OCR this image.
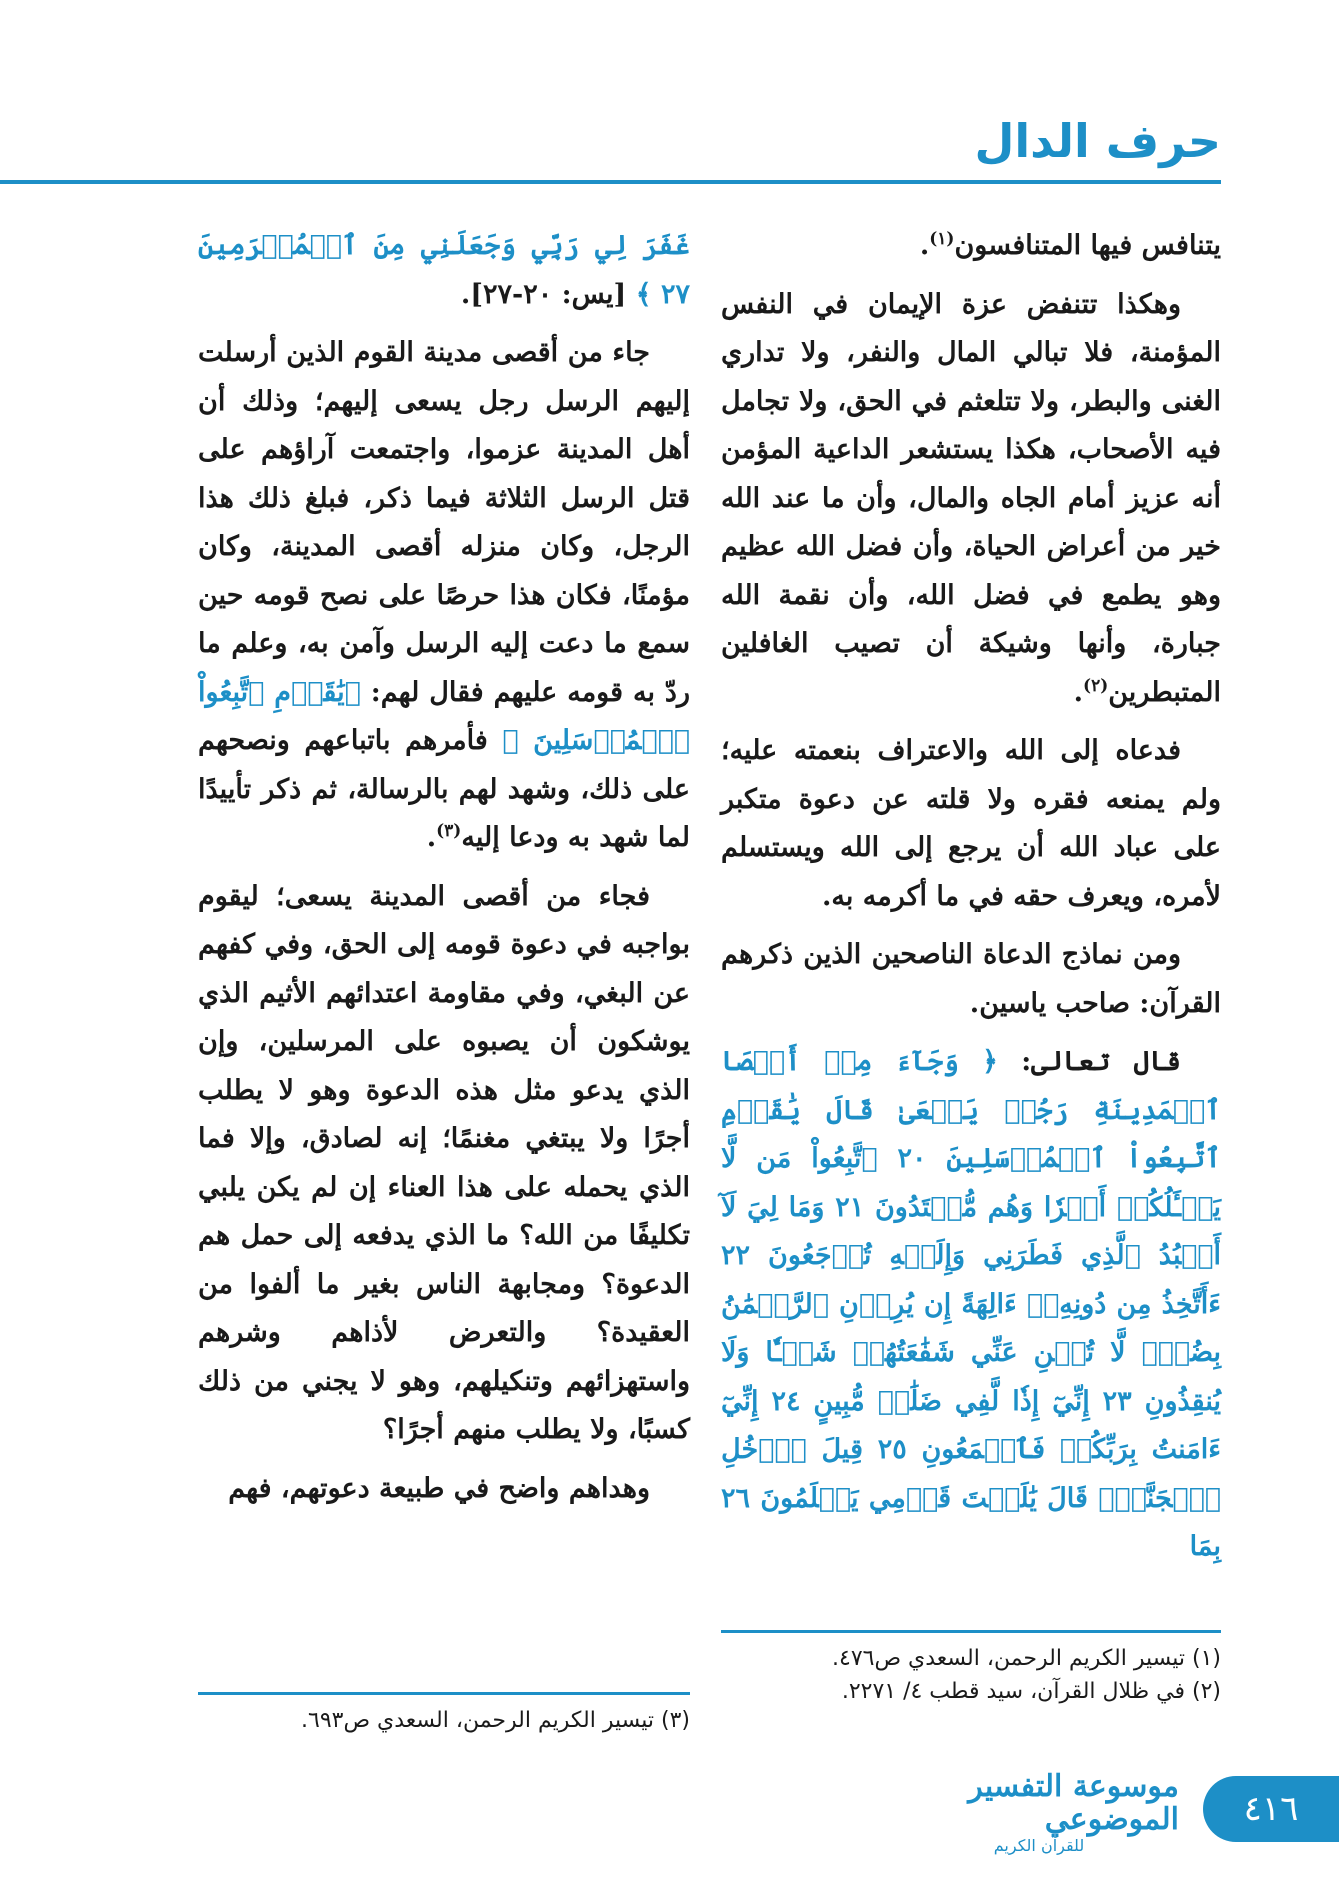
حرف الدال

يتنافس فيها المتنافسون$^{(١)}$.

وهكذا تتنفض عزة الإيمان في النفس المؤمنة، فلا تبالي المال والنفر، ولا تداري الغنى والبطر، ولا تتلعثم في الحق، ولا تجامل فيه الأصحاب، هكذا يستشعر الداعية المؤمن أنه عزيز أمام الجاه والمال، وأن ما عند الله خير من أعراض الحياة، وأن فضل الله عظيم وهو يطمع في فضل الله، وأن نقمة الله جبارة، وأنها وشيكة أن تصيب الغافلين المتبطرين$^{(٢)}$.

فدعاه إلى الله والاعتراف بنعمته عليه؛ ولم يمنعه فقره ولا قلته عن دعوة متكبر على عباد الله أن يرجع إلى الله ويستسلم لأمره، ويعرف حقه في ما أكرمه به.

ومن نماذج الدعاة الناصحين الذين ذكرهم القرآن: صاحب ياسين.

قال تعالى: ﴿ وَجَآءَ مِنۡ أَقۡصَا ٱلۡمَدِينَةِ رَجُلٞ يَسۡعَىٰ قَالَ يَٰقَوۡمِ ٱتَّبِعُواْ ٱلۡمُرۡسَلِينَ ٢٠ ٱتَّبِعُواْ مَن لَّا يَسۡـَٔلُكُمۡ أَجۡرٗا وَهُم مُّهۡتَدُونَ ٢١ وَمَا لِيَ لَآ أَعۡبُدُ ٱلَّذِي فَطَرَنِي وَإِلَيۡهِ تُرۡجَعُونَ ٢٢ ءَأَتَّخِذُ مِن دُونِهِۦٓ ءَالِهَةً إِن يُرِدۡنِ ٱلرَّحۡمَٰنُ بِضُرّٖ لَّا تُغۡنِ عَنِّي شَفَٰعَتُهُمۡ شَيۡـٔٗا وَلَا يُنقِذُونِ ٢٣ إِنِّيٓ إِذٗا لَّفِي ضَلَٰلٖ مُّبِينٍ ٢٤ إِنِّيٓ ءَامَنتُ بِرَبِّكُمۡ فَٱسۡمَعُونِ ٢٥ قِيلَ ٱدۡخُلِ ٱلۡجَنَّةَۖ قَالَ يَٰلَيۡتَ قَوۡمِي يَعۡلَمُونَ ٢٦ بِمَا

غَفَرَ لِي رَبِّي وَجَعَلَنِي مِنَ ٱلۡمُكۡرَمِينَ ٢٧ ﴾ [يس: ٢٠-٢٧].

جاء من أقصى مدينة القوم الذين أرسلت إليهم الرسل رجل يسعى إليهم؛ وذلك أن أهل المدينة عزموا، واجتمعت آراؤهم على قتل الرسل الثلاثة فيما ذكر، فبلغ ذلك هذا الرجل، وكان منزله أقصى المدينة، وكان مؤمنًا، فكان هذا حرصًا على نصح قومه حين سمع ما دعت إليه الرسل وآمن به، وعلم ما ردّ به قومه عليهم فقال لهم: ﴿يَٰقَوۡمِ ٱتَّبِعُواْ ٱلۡمُرۡسَلِينَ ﴾ فأمرهم باتباعهم ونصحهم على ذلك، وشهد لهم بالرسالة، ثم ذكر تأييدًا لما شهد به ودعا إليه$^{(٣)}$.

فجاء من أقصى المدينة يسعى؛ ليقوم بواجبه في دعوة قومه إلى الحق، وفي كفهم عن البغي، وفي مقاومة اعتدائهم الأثيم الذي يوشكون أن يصبوه على المرسلين، وإن الذي يدعو مثل هذه الدعوة وهو لا يطلب أجرًا ولا يبتغي مغنمًا؛ إنه لصادق، وإلا فما الذي يحمله على هذا العناء إن لم يكن يلبي تكليفًا من الله؟ ما الذي يدفعه إلى حمل هم الدعوة؟ ومجابهة الناس بغير ما ألفوا من العقيدة؟ والتعرض لأذاهم وشرهم واستهزائهم وتنكيلهم، وهو لا يجني من ذلك كسبًا، ولا يطلب منهم أجرًا؟

وهداهم واضح في طبيعة دعوتهم، فهم

(١) تيسير الكريم الرحمن، السعدي ص٤٧٦.
(٢) في ظلال القرآن، سيد قطب ٤/ ٢٢٧١.
(٣) تيسير الكريم الرحمن، السعدي ص٦٩٣.
موسوعة التفسير الموضوعي
للقرآن الكريم
٤١٦
